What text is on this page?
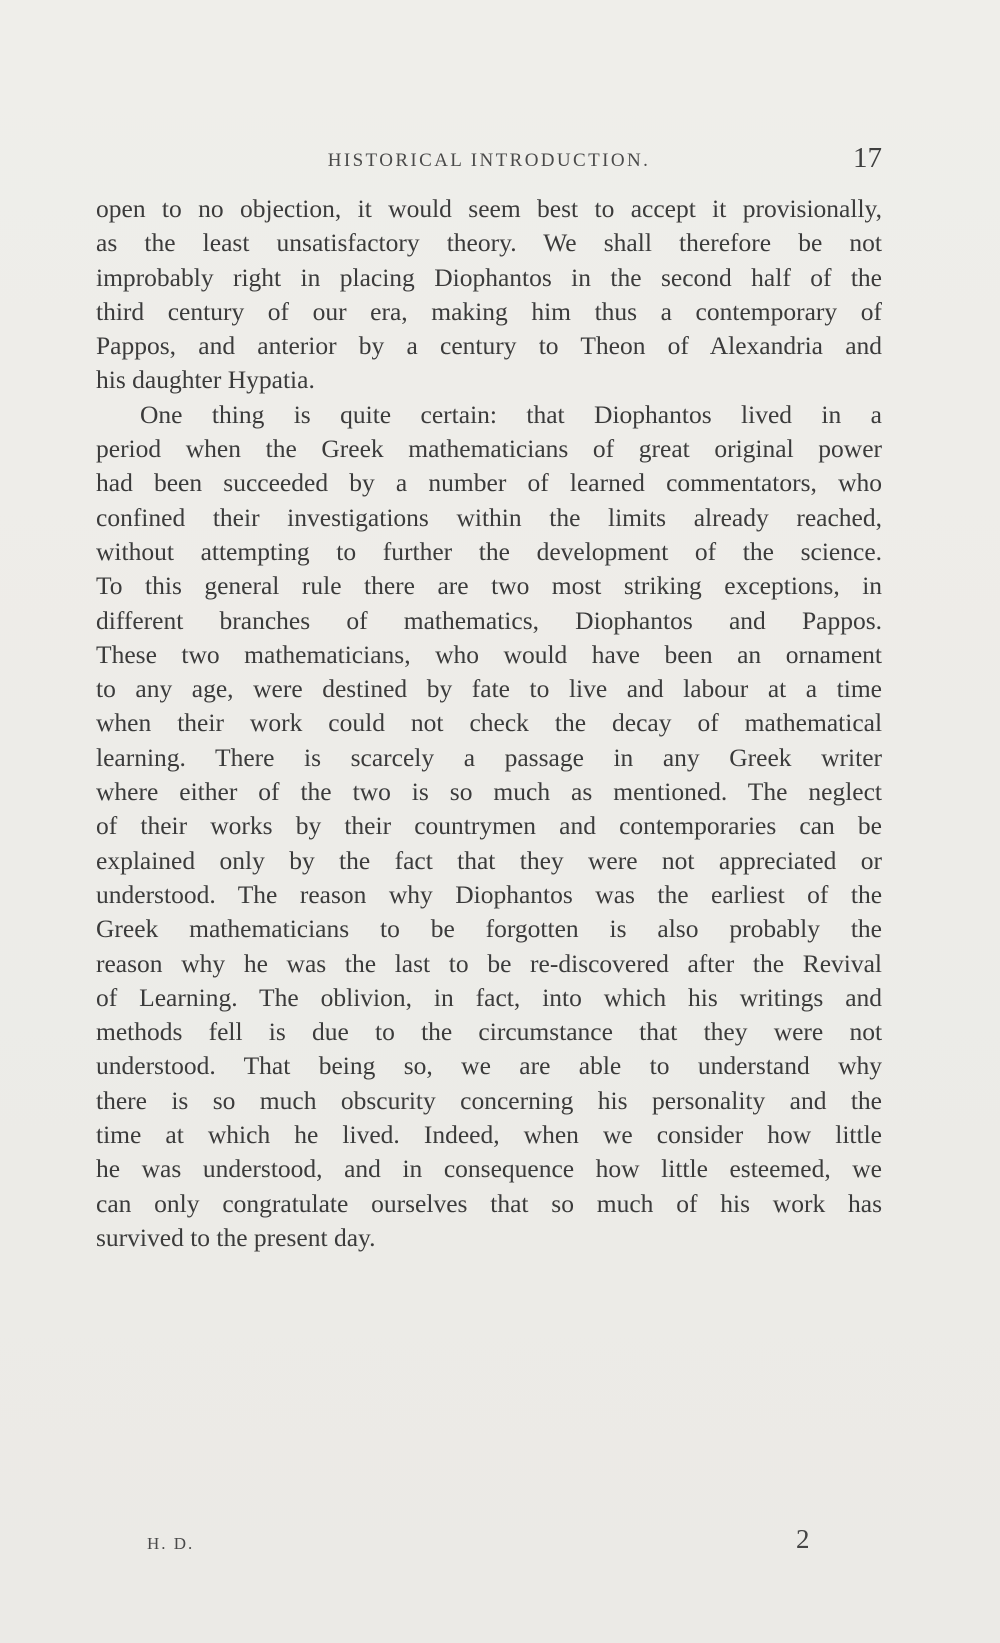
HISTORICAL INTRODUCTION.	17

open to no objection, it would seem best to accept it provisionally,
as the least unsatisfactory theory. We shall therefore be not
improbably right in placing Diophantos in the second half of the
third century of our era, making him thus a contemporary of
Pappos, and anterior by a century to Theon of Alexandria and
his daughter Hypatia.

One thing is quite certain: that Diophantos lived in a
period when the Greek mathematicians of great original power
had been succeeded by a number of learned commentators, who
confined their investigations within the limits already reached,
without attempting to further the development of the science.
To this general rule there are two most striking exceptions, in
different branches of mathematics, Diophantos and Pappos.
These two mathematicians, who would have been an ornament
to any age, were destined by fate to live and labour at a time
when their work could not check the decay of mathematical
learning. There is scarcely a passage in any Greek writer
where either of the two is so much as mentioned. The neglect
of their works by their countrymen and contemporaries can be
explained only by the fact that they were not appreciated or
understood. The reason why Diophantos was the earliest of the
Greek mathematicians to be forgotten is also probably the
reason why he was the last to be re-discovered after the Revival
of Learning. The oblivion, in fact, into which his writings and
methods fell is due to the circumstance that they were not
understood. That being so, we are able to understand why
there is so much obscurity concerning his personality and the
time at which he lived. Indeed, when we consider how little
he was understood, and in consequence how little esteemed, we
can only congratulate ourselves that so much of his work has
survived to the present day.

H. D.	2
